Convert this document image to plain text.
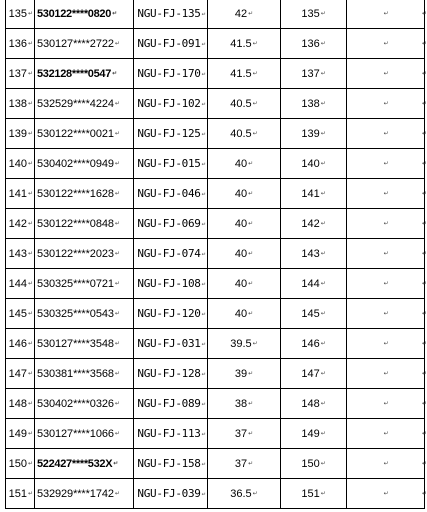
135↵	530122****0820↵	NGU-FJ-135↵	42↵	135↵	↵
136↵	530127****2722↵	NGU-FJ-091↵	41.5↵	136↵	↵
137↵	532128****0547↵	NGU-FJ-170↵	41.5↵	137↵	↵
138↵	532529****4224↵	NGU-FJ-102↵	40.5↵	138↵	↵
139↵	530122****0021↵	NGU-FJ-125↵	40.5↵	139↵	↵
140↵	530402****0949↵	NGU-FJ-015↵	40↵	140↵	↵
141↵	530122****1628↵	NGU-FJ-046↵	40↵	141↵	↵
142↵	530122****0848↵	NGU-FJ-069↵	40↵	142↵	↵
143↵	530122****2023↵	NGU-FJ-074↵	40↵	143↵	↵
144↵	530325****0721↵	NGU-FJ-108↵	40↵	144↵	↵
145↵	530325****0543↵	NGU-FJ-120↵	40↵	145↵	↵
146↵	530127****3548↵	NGU-FJ-031↵	39.5↵	146↵	↵
147↵	530381****3568↵	NGU-FJ-128↵	39↵	147↵	↵
148↵	530402****0326↵	NGU-FJ-089↵	38↵	148↵	↵
149↵	530127****1066↵	NGU-FJ-113↵	37↵	149↵	↵
150↵	522427****532X↵	NGU-FJ-158↵	37↵	150↵	↵
151↵	532929****1742↵	NGU-FJ-039↵	36.5↵	151↵	↵
↵
↵
↵
↵
↵
↵
↵
↵
↵
↵
↵
↵
↵
↵
↵
↵
↵
